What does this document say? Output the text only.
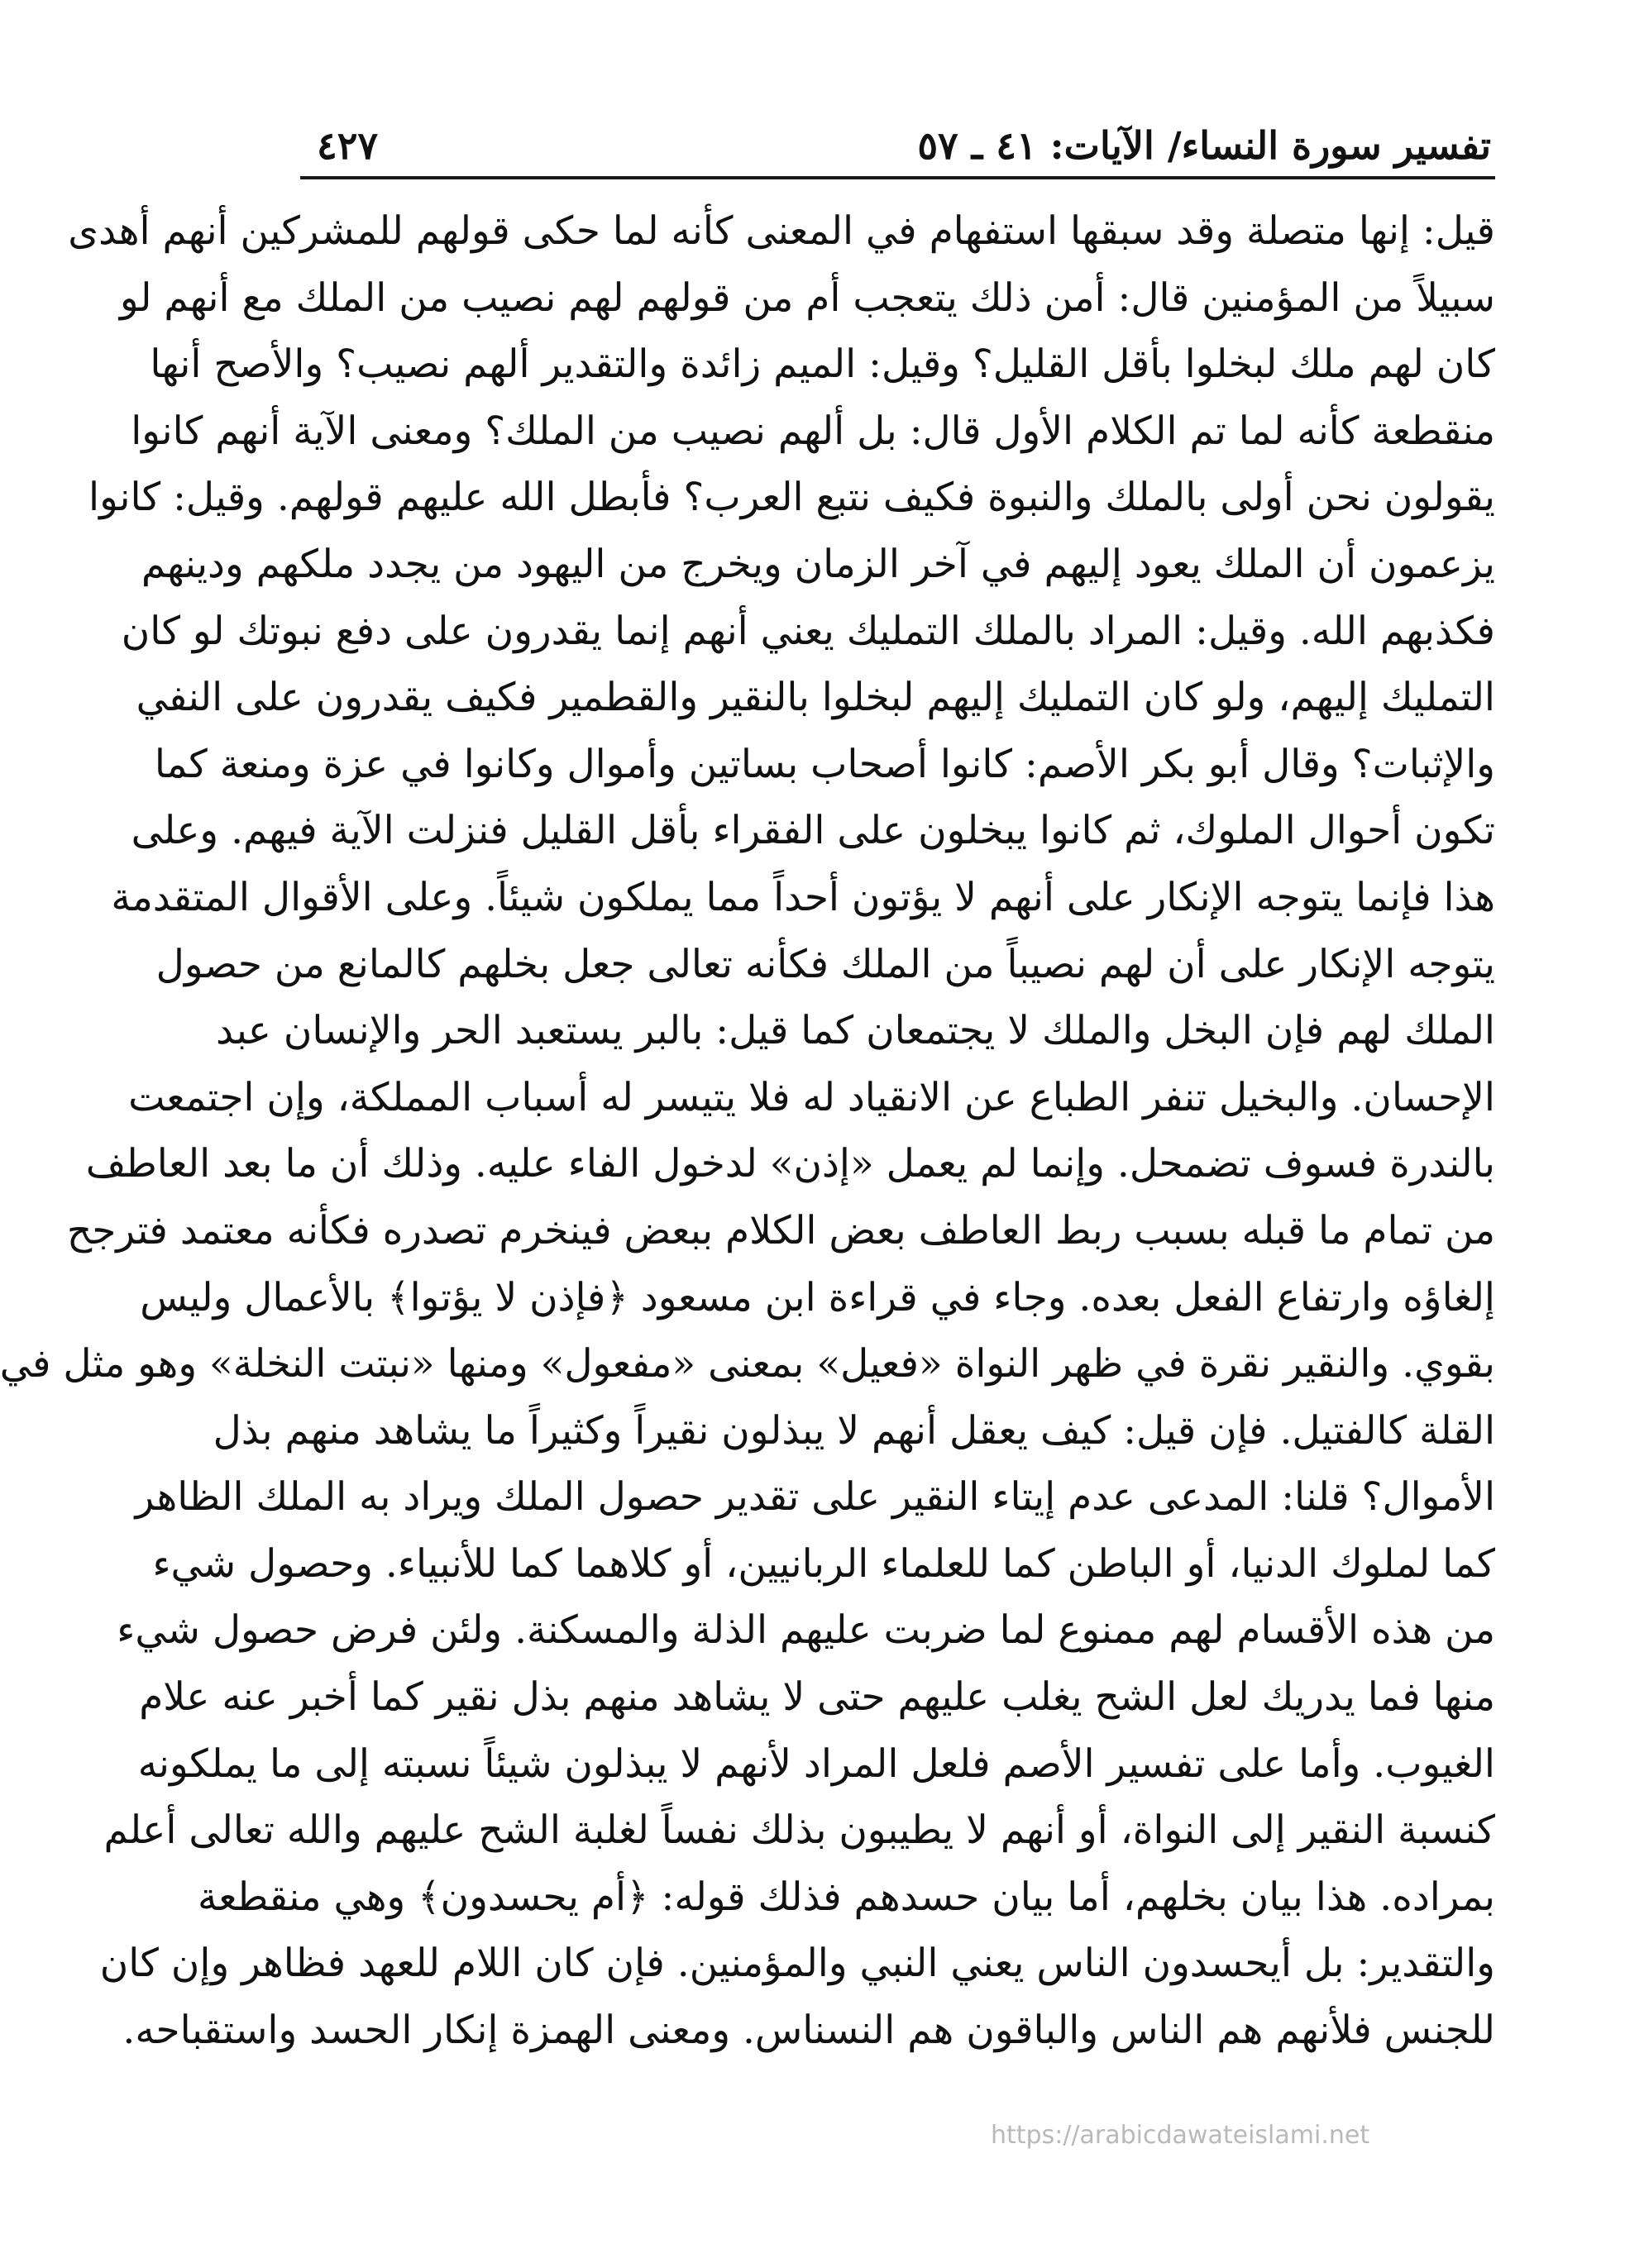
تفسير سورة النساء/ الآيات: ٤١ ـ ٥٧
٤٢٧
قيل: إنها متصلة وقد سبقها استفهام في المعنى كأنه لما حكى قولهم للمشركين أنهم أهدى
سبيلاً من المؤمنين قال: أمن ذلك يتعجب أم من قولهم لهم نصيب من الملك مع أنهم لو
كان لهم ملك لبخلوا بأقل القليل؟ وقيل: الميم زائدة والتقدير ألهم نصيب؟ والأصح أنها
منقطعة كأنه لما تم الكلام الأول قال: بل ألهم نصيب من الملك؟ ومعنى الآية أنهم كانوا
يقولون نحن أولى بالملك والنبوة فكيف نتبع العرب؟ فأبطل الله عليهم قولهم. وقيل: كانوا
يزعمون أن الملك يعود إليهم في آخر الزمان ويخرج من اليهود من يجدد ملكهم ودينهم
فكذبهم الله. وقيل: المراد بالملك التمليك يعني أنهم إنما يقدرون على دفع نبوتك لو كان
التمليك إليهم، ولو كان التمليك إليهم لبخلوا بالنقير والقطمير فكيف يقدرون على النفي
والإثبات؟ وقال أبو بكر الأصم: كانوا أصحاب بساتين وأموال وكانوا في عزة ومنعة كما
تكون أحوال الملوك، ثم كانوا يبخلون على الفقراء بأقل القليل فنزلت الآية فيهم. وعلى
هذا فإنما يتوجه الإنكار على أنهم لا يؤتون أحداً مما يملكون شيئاً. وعلى الأقوال المتقدمة
يتوجه الإنكار على أن لهم نصيباً من الملك فكأنه تعالى جعل بخلهم كالمانع من حصول
الملك لهم فإن البخل والملك لا يجتمعان كما قيل: بالبر يستعبد الحر والإنسان عبد
الإحسان. والبخيل تنفر الطباع عن الانقياد له فلا يتيسر له أسباب المملكة، وإن اجتمعت
بالندرة فسوف تضمحل. وإنما لم يعمل «إذن» لدخول الفاء عليه. وذلك أن ما بعد العاطف
من تمام ما قبله بسبب ربط العاطف بعض الكلام ببعض فينخرم تصدره فكأنه معتمد فترجح
إلغاؤه وارتفاع الفعل بعده. وجاء في قراءة ابن مسعود ﴿فإذن لا يؤتوا﴾ بالأعمال وليس
بقوي. والنقير نقرة في ظهر النواة «فعيل» بمعنى «مفعول» ومنها «نبتت النخلة» وهو مثل في
القلة كالفتيل. فإن قيل: كيف يعقل أنهم لا يبذلون نقيراً وكثيراً ما يشاهد منهم بذل
الأموال؟ قلنا: المدعى عدم إيتاء النقير على تقدير حصول الملك ويراد به الملك الظاهر
كما لملوك الدنيا، أو الباطن كما للعلماء الربانيين، أو كلاهما كما للأنبياء. وحصول شيء
من هذه الأقسام لهم ممنوع لما ضربت عليهم الذلة والمسكنة. ولئن فرض حصول شيء
منها فما يدريك لعل الشح يغلب عليهم حتى لا يشاهد منهم بذل نقير كما أخبر عنه علام
الغيوب. وأما على تفسير الأصم فلعل المراد لأنهم لا يبذلون شيئاً نسبته إلى ما يملكونه
كنسبة النقير إلى النواة، أو أنهم لا يطيبون بذلك نفساً لغلبة الشح عليهم والله تعالى أعلم
بمراده. هذا بيان بخلهم، أما بيان حسدهم فذلك قوله: ﴿أم يحسدون﴾ وهي منقطعة
والتقدير: بل أيحسدون الناس يعني النبي والمؤمنين. فإن كان اللام للعهد فظاهر وإن كان
للجنس فلأنهم هم الناس والباقون هم النسناس. ومعنى الهمزة إنكار الحسد واستقباحه.
https://arabicdawateislami.net
